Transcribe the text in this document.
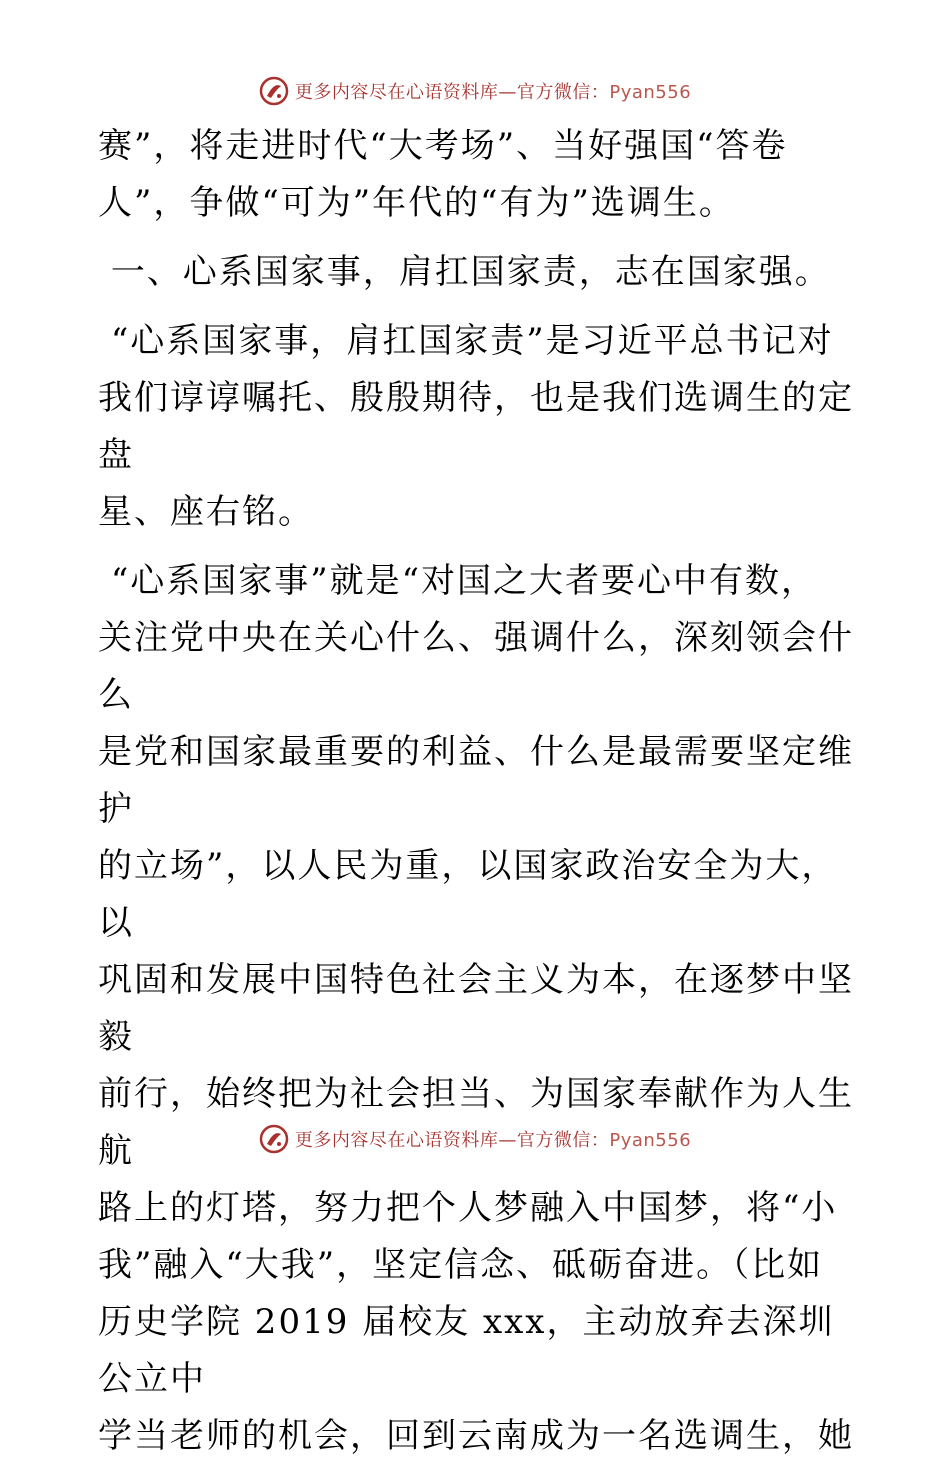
更多内容尽在心语资料库—官方微信：Pyan556

赛”，将走进时代“大考场”、当好强国“答卷

人”，争做“可为”年代的“有为”选调生。

一、心系国家事，肩扛国家责，志在国家强。

“心系国家事，肩扛国家责”是习近平总书记对

我们谆谆嘱托、殷殷期待，也是我们选调生的定盘

星、座右铭。

“心系国家事”就是“对国之大者要心中有数，

关注党中央在关心什么、强调什么，深刻领会什么

是党和国家最重要的利益、什么是最需要坚定维护

的立场”，以人民为重，以国家政治安全为大，以

巩固和发展中国特色社会主义为本，在逐梦中坚毅

前行，始终把为社会担当、为国家奉献作为人生航

路上的灯塔，努力把个人梦融入中国梦，将“小

我”融入“大我”，坚定信念、砥砺奋进。（比如

历史学院 2019 届校友 xxx，主动放弃去深圳公立中

学当老师的机会，回到云南成为一名选调生，她

更多内容尽在心语资料库—官方微信：Pyan556
